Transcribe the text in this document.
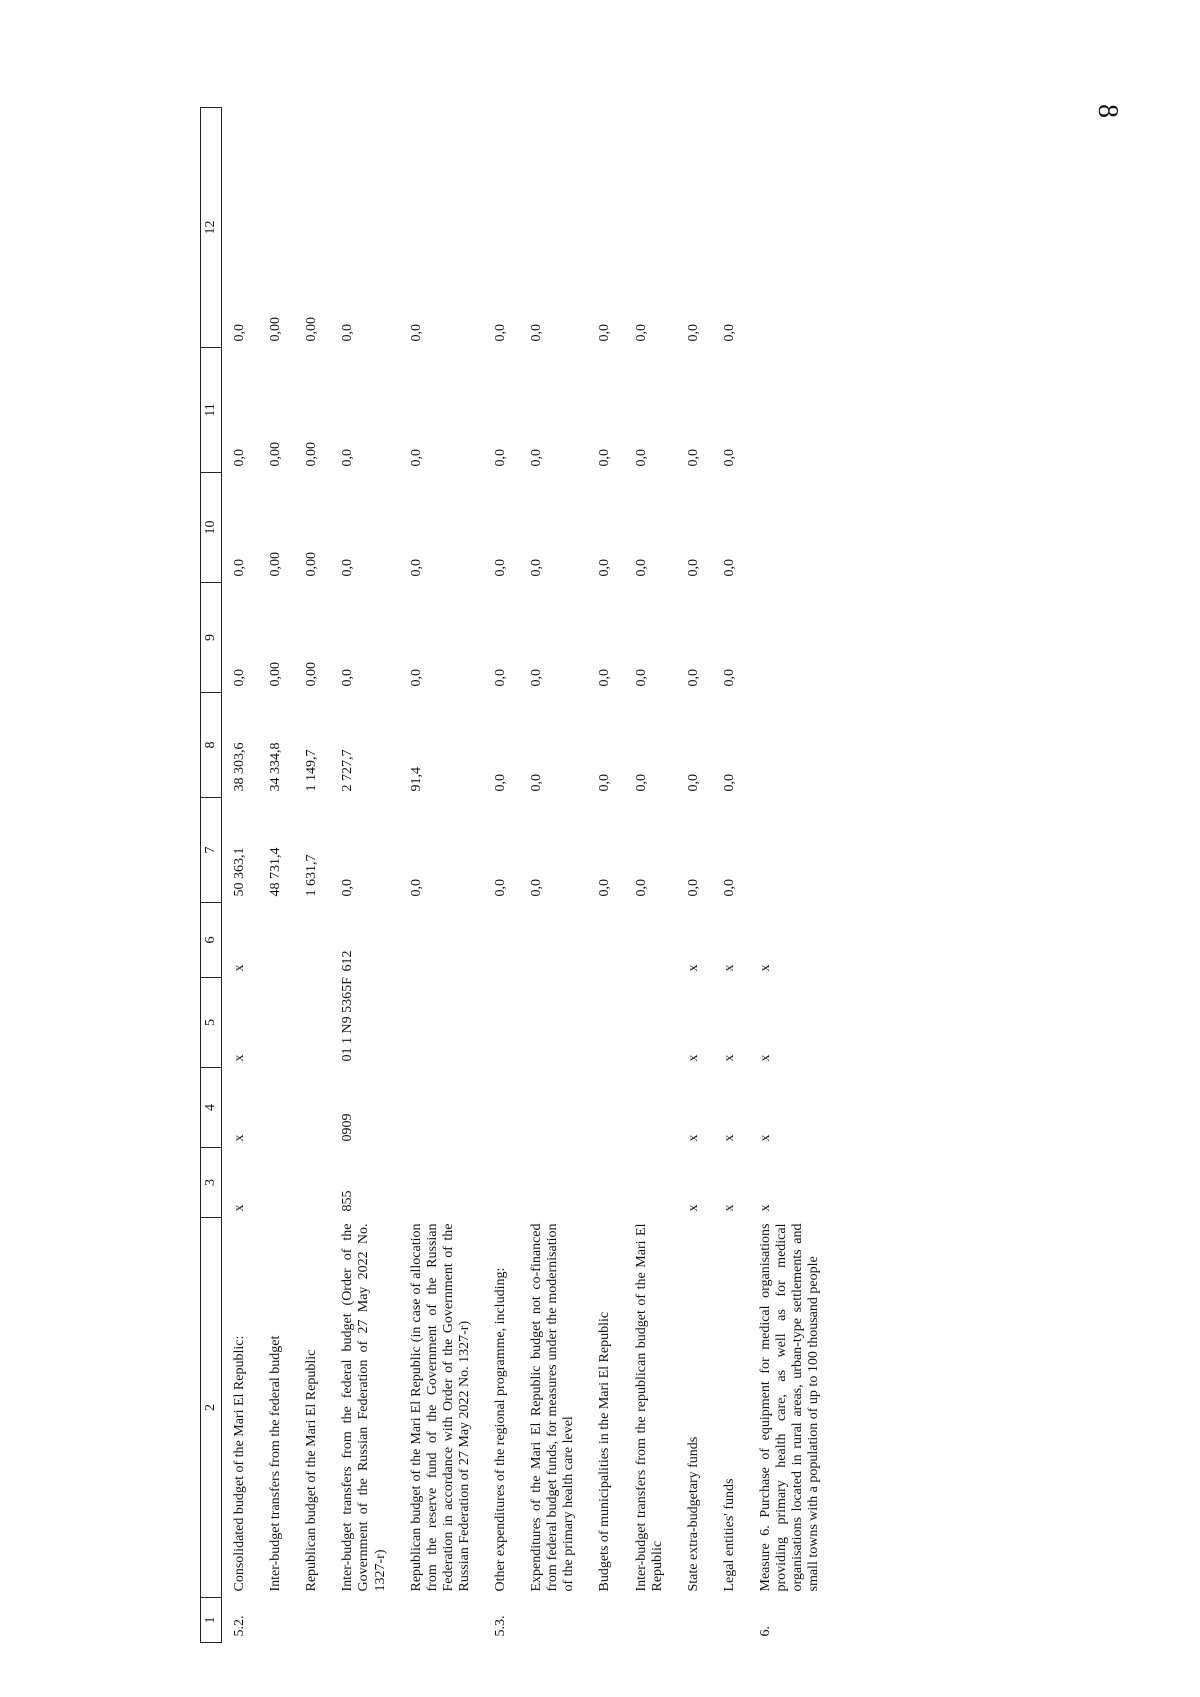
8
1	2	3	4	5	6	7	8	9	10	11	12
5.2.	Consolidated budget of the Mari El Republic:	x	x	x	x	50 363,1	38 303,6	0,0	0,0	0,0	0,0
	Inter-budget transfers from the federal budget					48 731,4	34 334,8	0,00	0,00	0,00	0,00
	Republican budget of the Mari El Republic					1 631,7	1 149,7	0,00	0,00	0,00	0,00
	Inter-budget transfers from the federal budget (Order of the Government of the Russian Federation of 27 May 2022 No. 1327-r)	855	0909	01 1 N9 5365F	612	0,0	2 727,7	0,0	0,0	0,0	0,0
	Republican budget of the Mari El Republic (in case of allocation from the reserve fund of the Government of the Russian Federation in accordance with Order of the Government of the Russian Federation of 27 May 2022 No. 1327-r)					0,0	91,4	0,0	0,0	0,0	0,0
5.3.	Other expenditures of the regional programme, including:					0,0	0,0	0,0	0,0	0,0	0,0
	Expenditures of the Mari El Republic budget not co-financed from federal budget funds, for measures under the modernisation of the primary health care level					0,0	0,0	0,0	0,0	0,0	0,0
	Budgets of municipalities in the Mari El Republic					0,0	0,0	0,0	0,0	0,0	0,0
	Inter-budget transfers from the republican budget of the Mari El Republic					0,0	0,0	0,0	0,0	0,0	0,0
	State extra-budgetary funds	x	x	x	x	0,0	0,0	0,0	0,0	0,0	0,0
	Legal entities' funds	x	x	x	x	0,0	0,0	0,0	0,0	0,0	0,0
6.	Measure 6. Purchase of equipment for medical organisations providing primary health care, as well as for medical organisations located in rural areas, urban-type settlements and small towns with a population of up to 100 thousand people	x	x	x	x						
